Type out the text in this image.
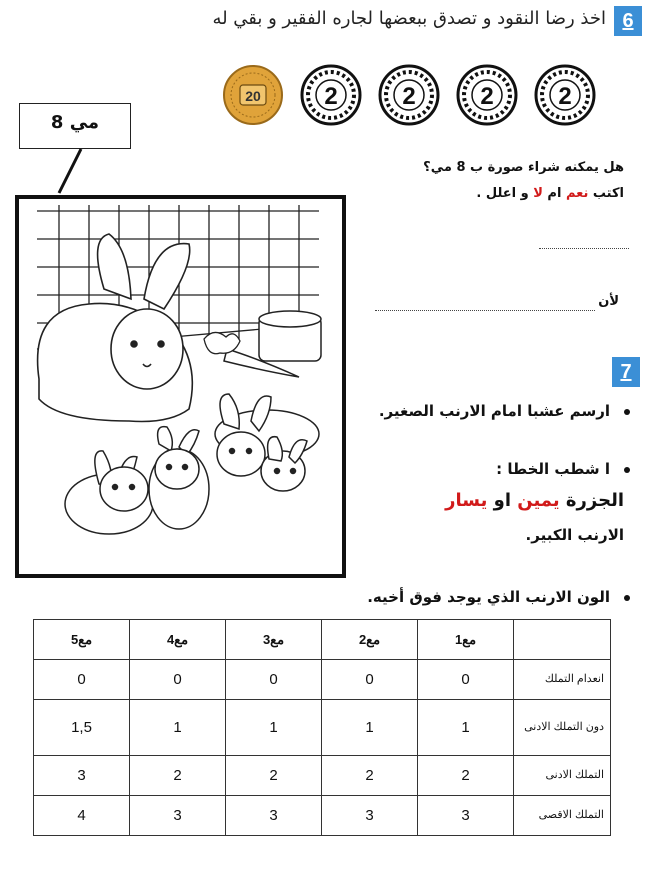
6
اخذ رضا النقود و تصدق ببعضها لجاره الفقير و بقي له
20	2	2	2	2
8 مي
هل يمكنه شراء صورة ب 8 مي؟
اكتب نعم ام لا و اعلل .
لأن
7
ارسم عشبا امام الارنب الصغير.
ا شطب الخطا :
الجزرة يمين او يسار
الارنب الكبير.
الون الارنب الذي يوجد فوق أخيه.
مع5	مع4	مع3	مع2	مع1	
0	0	0	0	0	انعدام التملك
1,5	1	1	1	1	دون التملك الادنى
3	2	2	2	2	التملك الادنى
4	3	3	3	3	التملك الاقصى
